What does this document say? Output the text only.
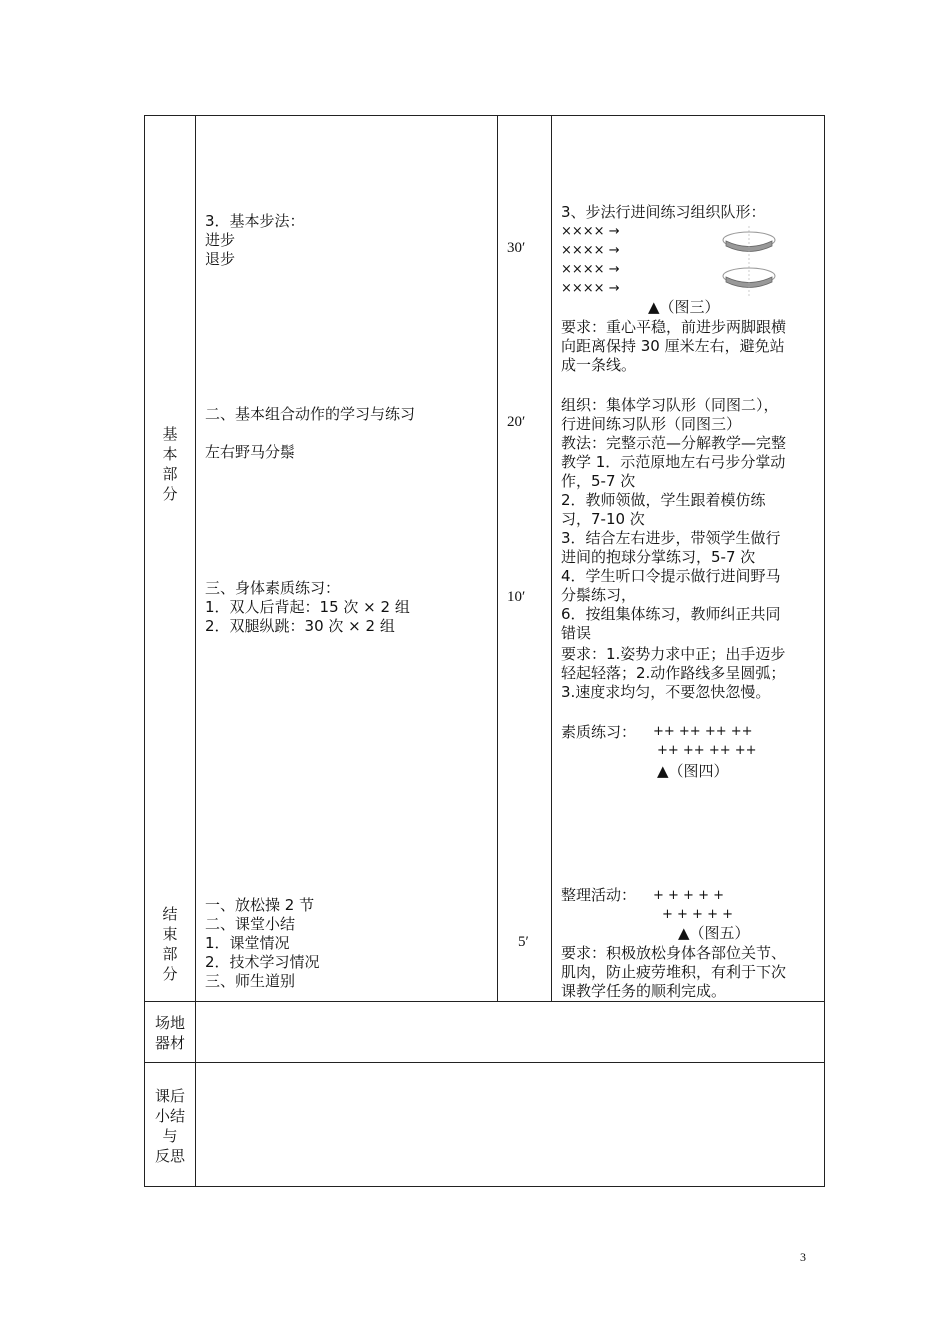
基
本
部
分
结
束
部
分
3．基本步法：
进步
退步
二、基本组合动作的学习与练习
左右野马分鬃
三、身体素质练习：
1．双人后背起：15 次 × 2 组
2．双腿纵跳：30 次 × 2 组
一、放松操 2 节
二、课堂小结
1．课堂情况
2．技术学习情况
三、师生道别
30′
20′
10′
5′
3、步法行进间练习组织队形：
×××× →
×××× →
×××× →
×××× →
▲（图三）
要求：重心平稳，前进步两脚跟横
向距离保持 30 厘米左右，避免站
成一条线。
组织：集体学习队形（同图二），
行进间练习队形（同图三）
教法：完整示范—分解教学—完整
教学 1．示范原地左右弓步分掌动
作，5-7 次
2．教师领做，学生跟着模仿练
习，7-10 次
3．结合左右进步，带领学生做行
进间的抱球分掌练习，5-7 次
4．学生听口令提示做行进间野马
分鬃练习，
6．按组集体练习，教师纠正共同
错误
要求：1.姿势力求中正；出手迈步
轻起轻落；2.动作路线多呈圆弧；
3.速度求均匀，不要忽快忽慢。
素质练习： ++ ++ ++ ++
++ ++ ++ ++
▲（图四）
整理活动： + + + + +
+ + + + +
▲（图五）
要求：积极放松身体各部位关节、
肌肉，防止疲劳堆积，有利于下次
课教学任务的顺利完成。
场地
器材
课后
小结
与
反思
3
